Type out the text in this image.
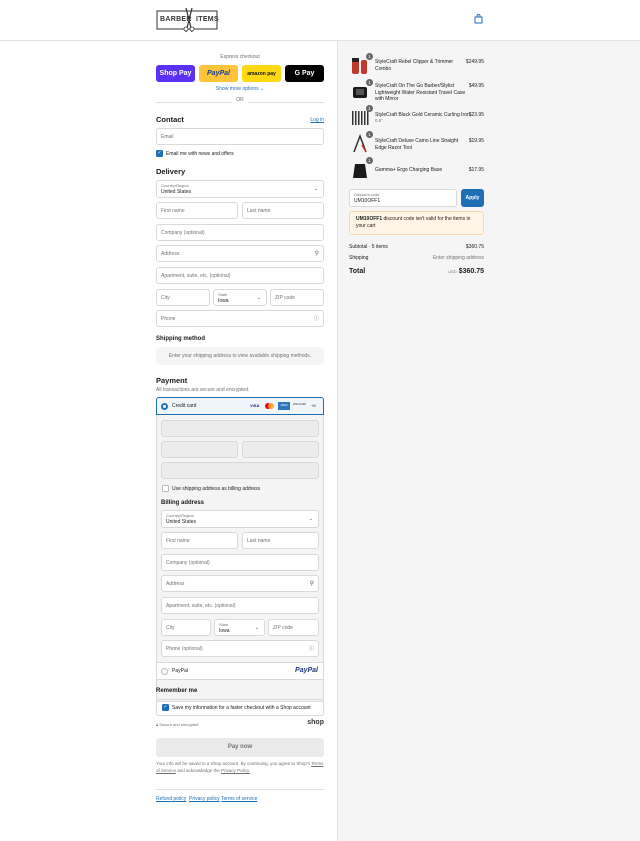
BARBER ITEMS
Express checkout
Shop Pay PayPal	amazon pay	G Pay
Show more options ⌄
OR
Contact	Log in
Email
✓ Email me with news and offers
Delivery
Country/Region
United States	⌄
First name	Last name
Company (optional)
Address	⚲
Apartment, suite, etc. (optional)
City	State
Iowa	⌄	ZIP code
Phone	ⓘ
Shipping method
Enter your shipping address to view available shipping methods.
Payment
All transactions are secure and encrypted.
Credit card	VISA	AMEX	DISCOVER +8
Use shipping address as billing address
Billing address
Country/Region
United States	⌄
First name	Last name
Company (optional)
Address	⚲
Apartment, suite, etc. (optional)
City	State
Iowa	⌄	ZIP code
Phone (optional)	ⓘ
PayPal	PayPal
Remember me
✓ Save my information for a faster checkout with a Shop account
🔒︎ Secure and encrypted	shop
Pay now
Your info will be saved to a Shop account. By continuing, you agree to Shop's Terms of Service and acknowledge the Privacy Policy.
Refund policy Privacy policy Terms of service
1
StyleCraft Rebel Clipper & Trimmer Combo
$249.95
1
StyleCraft On The Go Barber/Stylist Lightweight Water Resistant Travel Case with Mirror
$49.95
1
StyleCraft Black Gold Ceramic Curling Iron
0.5"
$23.95
1
StyleCraft Deluxe Camo Line Straight Edge Razor Tool
$19.95
1
Gamma+ Ergo Charging Base	$17.95
Discount code
UM10OFF1	Apply
UM10OFF1 discount code isn't valid for the items in your cart
Subtotal · 5 items	$360.75
Shipping	Enter shipping address
Total	USD $360.75
